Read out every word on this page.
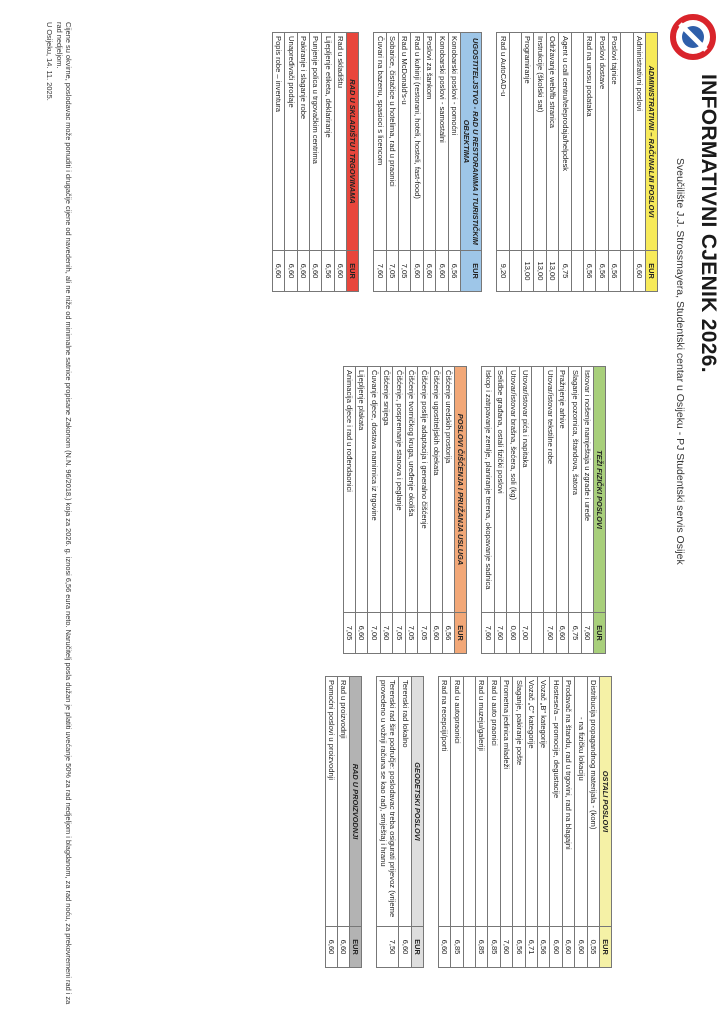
INFORMATIVNI CJENIK 2026.
Sveučilište J.J. Strossmayera, Studentski centar u Osijeku - PJ Studentski servis Osijek
ADMINISTRATIVNI – RAČUNALNI POSLOVI	EUR
Administrativni poslovi	6,60

Poslovi tajnice	6,56
Poslovi dostave	6,56
Rad na unosu podataka	6,56

Agent u call centru/teleprodaja/helpdesk	6,75
Održavanje web/fb stranica	13,00
Instrukcije (školski sat)	13,00
Programiranje	13,00

Rad u AutoCAD-u	9,20
UGOSTITELJSTVO - RAD U RESTORANIMA I TURISTIČKIM OBJEKTIMA	EUR
Konobarski poslovi - pomoćni	6,56
Konobarski poslovi - samostalni	6,60
Poslovi za šankom	6,60
Rad u kuhinji (restorani, hoteli, hosteli, fast-food)	6,60
Rad u McDonald's-u	7,05
Sobarice, čistačice u hotelima, rad u praonici	7,05
Čuvari na bazenu, spasioci s licencom	7,60
RAD U SKLADIŠTU I TRGOVINAMA	EUR
Rad u skladištu	6,60
Lijepljenje etiketa, deklariranje	6,56
Punjenje polica u trgovačkim centrima	6,60
Pakiranje i slaganje robe	6,60
Unapređivači prodaje	6,60
Popis robe – inventura	6,60
TEŽI FIZIČKI POSLOVI	EUR
Istovar i nošenje namještaja u zgrade i urede	7,60
Slaganje pozornica, štandova, šatora	6,75
Pražnjenje arhive	6,60
Utovar/istovar tekstilne robe	7,60

Utovar/istovar pića i napitaka	7,00
Utovar/istovar brašna, šećera, soli (kg)	0,60
Selidbe građana, ostali fizički poslovi	7,60
Iskop i zatrpavanje zemlje, planiranje terena, okopavanje sadnica	7,60
POSLOVI ČIŠĆENJA I PRUŽANJA USLUGA	EUR
Čišćenje uredskih prostorija	6,56
Čišćenje ugostiteljskih objekata	6,60
Čišćenje poslije adaptacija i generalno čišćenje	7,05
Čišćenje tvorničkog kruga, uređenje okoliša	7,05
Čišćenje, pospremanje stanova i peglanje	7,05
Čišćenje snijega	7,60
Čuvanje djece, dostava namirnica iz trgovine	7,00
Lijepljenje plakata	6,60
Animacija djece i rad u rođendaonici	7,05
OSTALI POSLOVI	EUR
Distribucija propagandnog materijala - (kom)	0,55
- na fizičku lokaciju	6,60
Prodavač na štandu, rad u trgovini, rad na blagajni	6,60
Hostese/a – promocije, degustacije	6,60
Vozač „B" kategorije	6,56
Vozač „C" kategorije	6,71
Slaganje, pakiranje pošte	6,56
Prometna jedinica mladeži	7,60
Rad u auto praonici	6,85
Rad u muzeju/galeriji	6,85

Rad u autopraonici	6,85
Rad na recepciji/porti	6,60
GEODETSKI POSLOVI	EUR
Terenski rad lokalno	6,60
Terenski rad šire područje: poslodavac treba osigurati prijevoz (vrijeme provedeno u vožnji računa se kao rad), smještaj i hranu	7,50
RAD U PROIZVODNJI	EUR
Rad u proizvodnji	6,60
Pomoćni poslovi u proizvodnji	6,60
Cijene su okvirne, poslodavac može ponuditi i drugačije cijene od navedenih, ali ne niže od minimalne satnice propisane Zakonom (N.N. 96/2018.) koja za 2026. g. iznosi 6,56 eura neto. Naručitelj posla dužan je platiti uvećanje 50% za rad nedjeljom i blagdanom, za rad noću, za prekovremeni rad i za rad nedjeljom.
U Osijeku, 14. 11. 2025.
